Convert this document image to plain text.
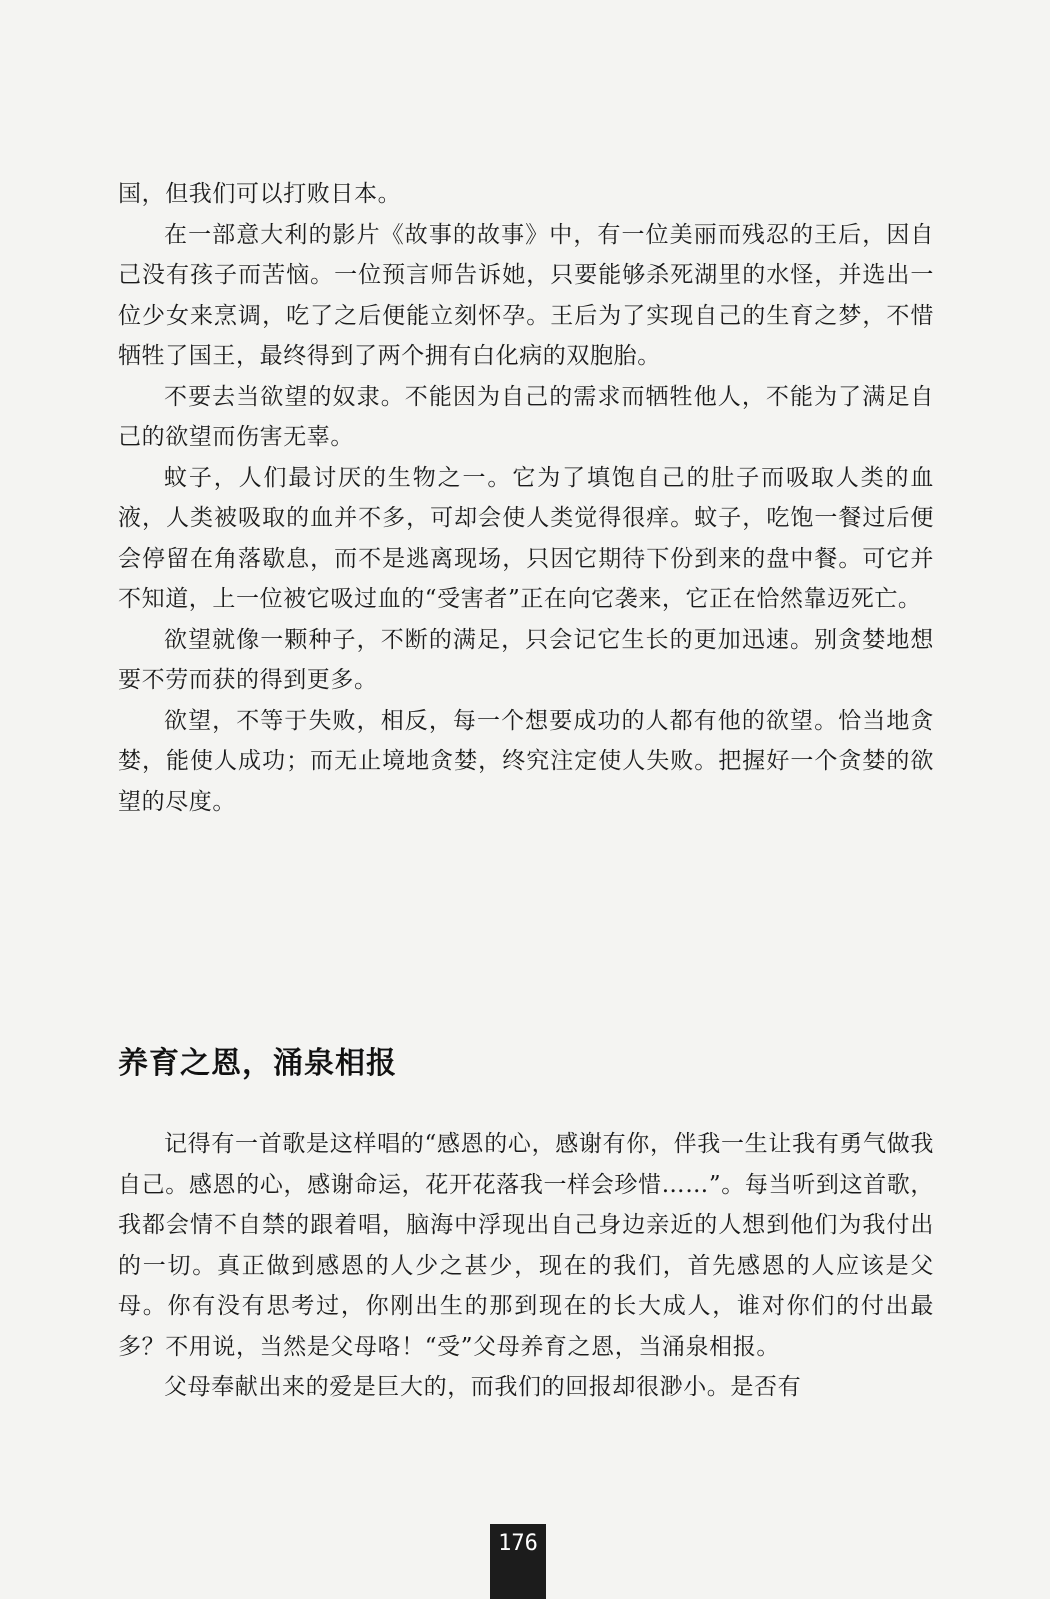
国，但我们可以打败日本。

在一部意大利的影片《故事的故事》中，有一位美丽而残忍的王后，因自己没有孩子而苦恼。一位预言师告诉她，只要能够杀死湖里的水怪，并选出一位少女来烹调，吃了之后便能立刻怀孕。王后为了实现自己的生育之梦，不惜牺牲了国王，最终得到了两个拥有白化病的双胞胎。

不要去当欲望的奴隶。不能因为自己的需求而牺牲他人，不能为了满足自己的欲望而伤害无辜。

蚊子，人们最讨厌的生物之一。它为了填饱自己的肚子而吸取人类的血液，人类被吸取的血并不多，可却会使人类觉得很痒。蚊子，吃饱一餐过后便会停留在角落歇息，而不是逃离现场，只因它期待下份到来的盘中餐。可它并不知道，上一位被它吸过血的“受害者”正在向它袭来，它正在恰然靠迈死亡。

欲望就像一颗种子，不断的满足，只会记它生长的更加迅速。别贪婪地想要不劳而获的得到更多。

欲望，不等于失败，相反，每一个想要成功的人都有他的欲望。恰当地贪婪，能使人成功；而无止境地贪婪，终究注定使人失败。把握好一个贪婪的欲望的尽度。

养育之恩，涌泉相报

记得有一首歌是这样唱的“感恩的心，感谢有你，伴我一生让我有勇气做我自己。感恩的心，感谢命运，花开花落我一样会珍惜……”。每当听到这首歌，我都会情不自禁的跟着唱，脑海中浮现出自己身边亲近的人想到他们为我付出的一切。真正做到感恩的人少之甚少，现在的我们，首先感恩的人应该是父母。你有没有思考过，你刚出生的那到现在的长大成人，谁对你们的付出最多？不用说，当然是父母咯！“受”父母养育之恩，当涌泉相报。

父母奉献出来的爱是巨大的，而我们的回报却很渺小。是否有

176
